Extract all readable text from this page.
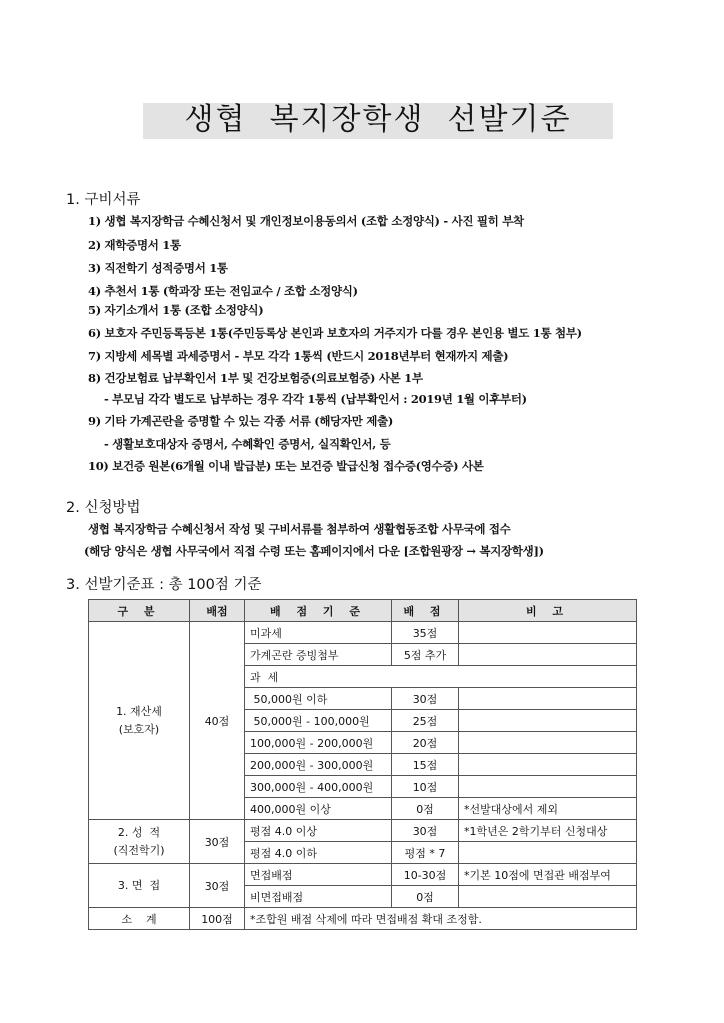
생협  복지장학생  선발기준
1. 구비서류
1) 생협 복지장학금 수혜신청서 및 개인정보이용동의서 (조합 소정양식) - 사진 필히 부착
2) 재학증명서 1통
3) 직전학기 성적증명서 1통
4) 추천서 1통 (학과장 또는 전임교수 / 조합 소정양식)
5) 자기소개서 1통 (조합 소정양식)
6) 보호자 주민등록등본 1통(주민등록상 본인과 보호자의 거주지가 다를 경우 본인용 별도 1통 첨부)
7) 지방세 세목별 과세증명서 - 부모 각각 1통씩 (반드시 2018년부터 현재까지 제출)
8) 건강보험료 납부확인서 1부 및 건강보험증(의료보험증) 사본 1부
- 부모님 각각 별도로 납부하는 경우 각각 1통씩 (납부확인서 : 2019년 1월 이후부터)
9) 기타 가계곤란을 증명할 수 있는 각종 서류 (해당자만 제출)
- 생활보호대상자 증명서, 수혜확인 증명서, 실직확인서, 등
10) 보건증 원본(6개월 이내 발급분) 또는 보건증 발급신청 접수증(영수증) 사본
2. 신청방법
생협 복지장학금 수혜신청서 작성 및 구비서류를 첨부하여 생활협동조합 사무국에 접수
(해당 양식은 생협 사무국에서 직접 수령 또는 홈페이지에서 다운 [조합원광장 → 복지장학생])
3. 선발기준표 : 총 100점 기준
구 분	배점	배 점 기 준	배 점	비 고

1. 재산세
(보호자)	40점	미과세	35점	
		가계곤란 증빙첨부	5점 추가	
		과  세		
		50,000원 이하	30점	
		50,000원 - 100,000원	25점	
		100,000원 - 200,000원	20점	
		200,000원 - 300,000원	15점	
		300,000원 - 400,000원	10점	
		400,000원 이상	0점	*선발대상에서 제외

2. 성  적
(직전학기)	30점	평점 4.0 이상	30점	*1학년은 2학기부터 신청대상
		평점 4.0 이하	평점 * 7	
3. 면  접	30점	면접배점	10-30점	*기본 10점에 면접관 배점부여
		비면접배점	0점	
소    계	100점	*조합원 배점 삭제에 따라 면접배점 확대 조정함.		
